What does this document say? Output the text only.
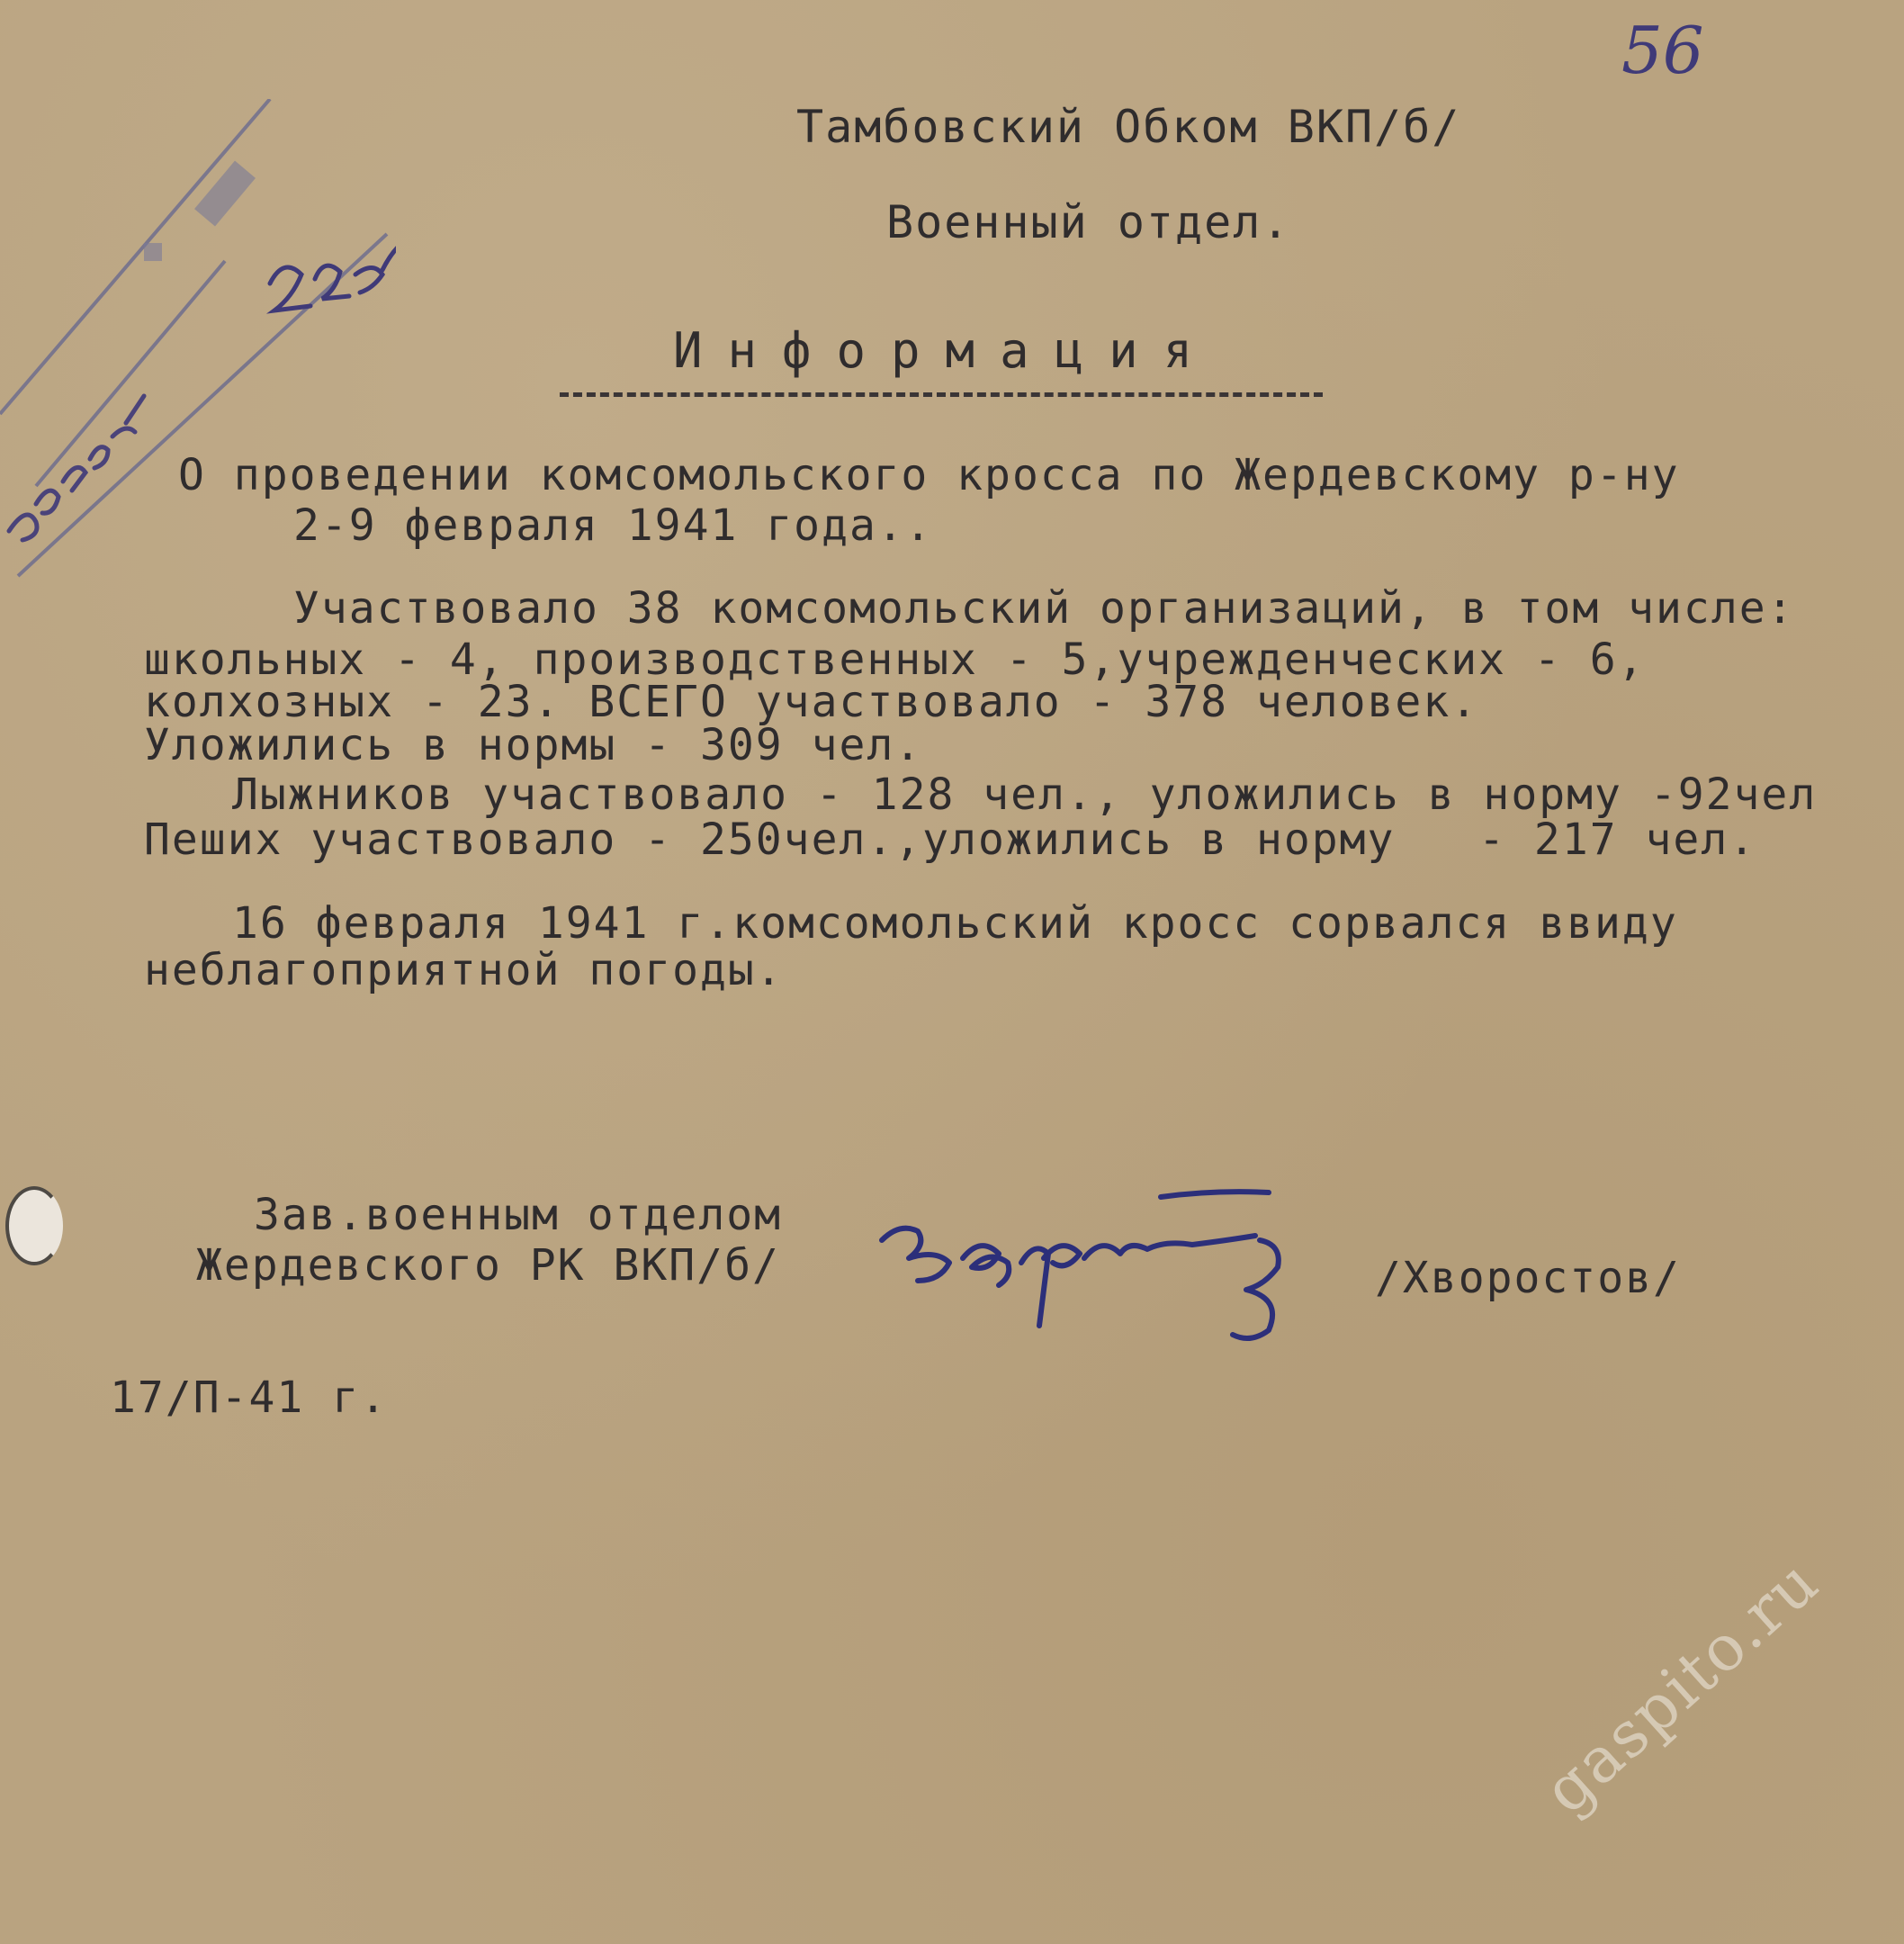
56
Тамбовский Обком ВКП/б/
Военный отдел.
Информация
О проведении комсомольского кросса по Жердевскому р-ну
2-9 февраля 1941 года..
Участвовало 38 комсомольский организаций, в том числе:
школьных - 4, производственных - 5,учрежденческих - 6,
колхозных - 23. ВСЕГО участвовало - 378 человек.
Уложились в нормы - 309 чел.
Лыжников участвовало - 128 чел., уложились в норму -92чел
Пеших участвовало - 250чел.,уложились в норму   - 217 чел.
16 февраля 1941 г.комсомольский кросс сорвался ввиду
неблагоприятной погоды.
Зав.военным отделом
Жердевского РК ВКП/б/	/Хворостов/
17/П-41 г.
gaspito.ru
